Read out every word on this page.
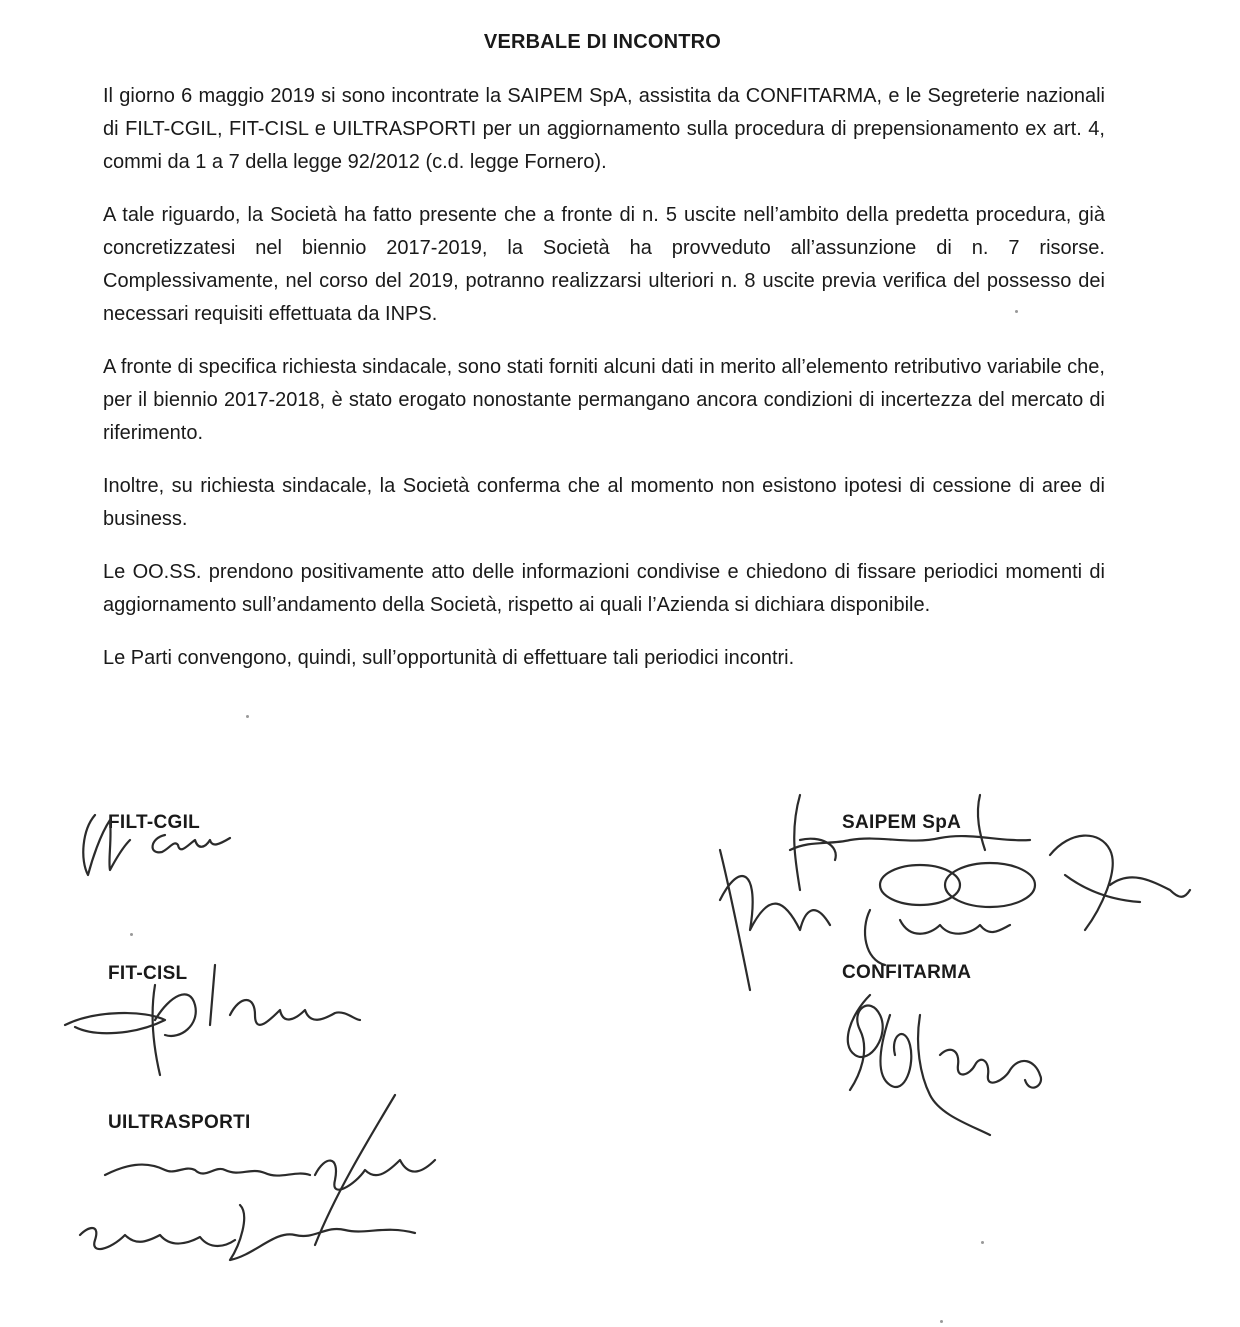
VERBALE DI INCONTRO

Il giorno 6 maggio 2019 si sono incontrate la SAIPEM SpA, assistita da CONFITARMA, e le Segreterie nazionali di FILT-CGIL, FIT-CISL e UILTRASPORTI per un aggiornamento sulla procedura di prepensionamento ex art. 4, commi da 1 a 7 della legge 92/2012 (c.d. legge Fornero).

A tale riguardo, la Società ha fatto presente che a fronte di n. 5 uscite nell’ambito della predetta procedura, già concretizzatesi nel biennio 2017-2019, la Società ha provveduto all’assunzione di n. 7 risorse. Complessivamente, nel corso del 2019, potranno realizzarsi ulteriori n. 8 uscite previa verifica del possesso dei necessari requisiti effettuata da INPS.

A fronte di specifica richiesta sindacale, sono stati forniti alcuni dati in merito all’elemento retributivo variabile che, per il biennio 2017-2018, è stato erogato nonostante permangano ancora condizioni di incertezza del mercato di riferimento.

Inoltre, su richiesta sindacale, la Società conferma che al momento non esistono ipotesi di cessione di aree di business.

Le OO.SS. prendono positivamente atto delle informazioni condivise e chiedono di fissare periodici momenti di aggiornamento sull’andamento della Società, rispetto ai quali l’Azienda si dichiara disponibile.

Le Parti convengono, quindi, sull’opportunità di effettuare tali periodici incontri.

FILT-CGIL
FIT-CISL
UILTRASPORTI
SAIPEM SpA
CONFITARMA
